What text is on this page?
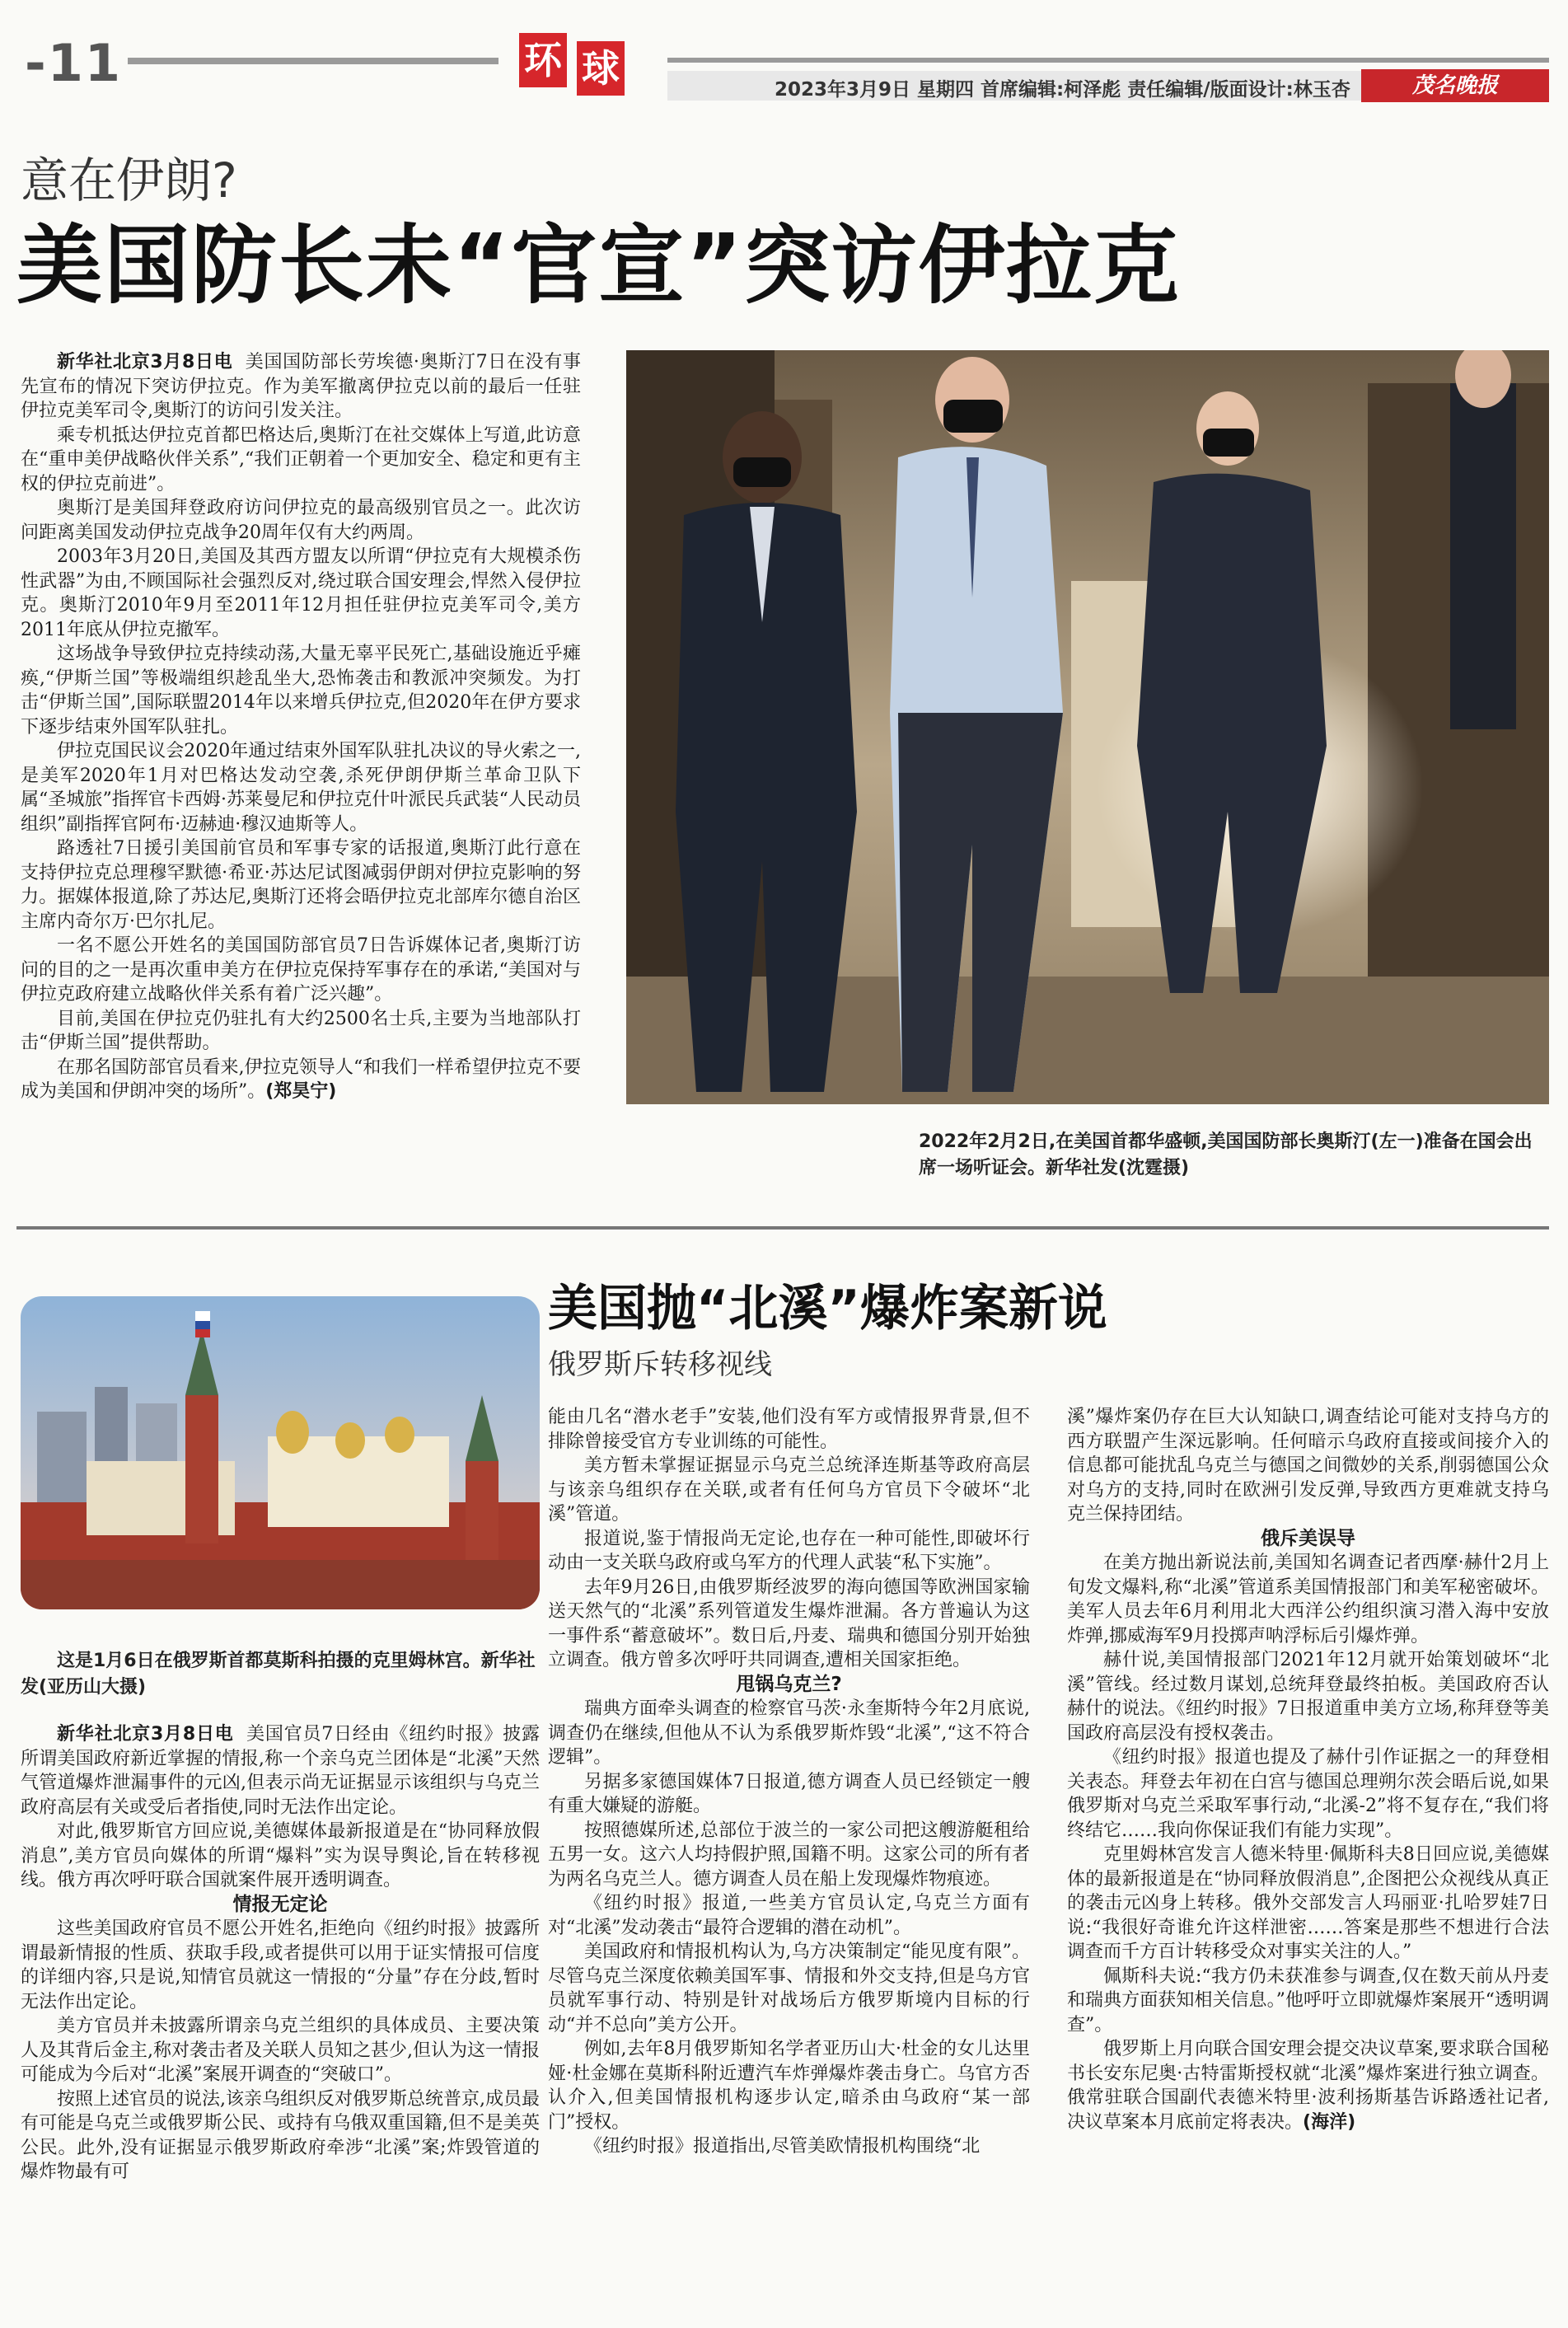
-11	环 球	2023年3月9日 星期四 首席编辑:柯泽彪 责任编辑/版面设计:林玉杏	茂名晚报
意在伊朗?
美国防长未“官宣”突访伊拉克

新华社北京3月8日电 美国国防部长劳埃德·奥斯汀7日在没有事先宣布的情况下突访伊拉克。作为美军撤离伊拉克以前的最后一任驻伊拉克美军司令,奥斯汀的访问引发关注。

乘专机抵达伊拉克首都巴格达后,奥斯汀在社交媒体上写道,此访意在“重申美伊战略伙伴关系”,“我们正朝着一个更加安全、稳定和更有主权的伊拉克前进”。

奥斯汀是美国拜登政府访问伊拉克的最高级别官员之一。此次访问距离美国发动伊拉克战争20周年仅有大约两周。

2003年3月20日,美国及其西方盟友以所谓“伊拉克有大规模杀伤性武器”为由,不顾国际社会强烈反对,绕过联合国安理会,悍然入侵伊拉克。奥斯汀2010年9月至2011年12月担任驻伊拉克美军司令,美方2011年底从伊拉克撤军。

这场战争导致伊拉克持续动荡,大量无辜平民死亡,基础设施近乎瘫痪,“伊斯兰国”等极端组织趁乱坐大,恐怖袭击和教派冲突频发。为打击“伊斯兰国”,国际联盟2014年以来增兵伊拉克,但2020年在伊方要求下逐步结束外国军队驻扎。

伊拉克国民议会2020年通过结束外国军队驻扎决议的导火索之一,是美军2020年1月对巴格达发动空袭,杀死伊朗伊斯兰革命卫队下属“圣城旅”指挥官卡西姆·苏莱曼尼和伊拉克什叶派民兵武装“人民动员组织”副指挥官阿布·迈赫迪·穆汉迪斯等人。

路透社7日援引美国前官员和军事专家的话报道,奥斯汀此行意在支持伊拉克总理穆罕默德·希亚·苏达尼试图减弱伊朗对伊拉克影响的努力。据媒体报道,除了苏达尼,奥斯汀还将会晤伊拉克北部库尔德自治区主席内奇尔万·巴尔扎尼。

一名不愿公开姓名的美国国防部官员7日告诉媒体记者,奥斯汀访问的目的之一是再次重申美方在伊拉克保持军事存在的承诺,“美国对与伊拉克政府建立战略伙伴关系有着广泛兴趣”。

目前,美国在伊拉克仍驻扎有大约2500名士兵,主要为当地部队打击“伊斯兰国”提供帮助。

在那名国防部官员看来,伊拉克领导人“和我们一样希望伊拉克不要成为美国和伊朗冲突的场所”。(郑昊宁)

2022年2月2日,在美国首都华盛顿,美国国防部长奥斯汀(左一)准备在国会出席一场听证会。新华社发(沈霆摄)
这是1月6日在俄罗斯首都莫斯科拍摄的克里姆林宫。新华社发(亚历山大摄)
美国抛“北溪”爆炸案新说
俄罗斯斥转移视线

新华社北京3月8日电 美国官员7日经由《纽约时报》披露所谓美国政府新近掌握的情报,称一个亲乌克兰团体是“北溪”天然气管道爆炸泄漏事件的元凶,但表示尚无证据显示该组织与乌克兰政府高层有关或受后者指使,同时无法作出定论。

对此,俄罗斯官方回应说,美德媒体最新报道是在“协同释放假消息”,美方官员向媒体的所谓“爆料”实为误导舆论,旨在转移视线。俄方再次呼吁联合国就案件展开透明调查。

情报无定论

这些美国政府官员不愿公开姓名,拒绝向《纽约时报》披露所谓最新情报的性质、获取手段,或者提供可以用于证实情报可信度的详细内容,只是说,知情官员就这一情报的“分量”存在分歧,暂时无法作出定论。

美方官员并未披露所谓亲乌克兰组织的具体成员、主要决策人及其背后金主,称对袭击者及关联人员知之甚少,但认为这一情报可能成为今后对“北溪”案展开调查的“突破口”。

按照上述官员的说法,该亲乌组织反对俄罗斯总统普京,成员最有可能是乌克兰或俄罗斯公民、或持有乌俄双重国籍,但不是美英公民。此外,没有证据显示俄罗斯政府牵涉“北溪”案;炸毁管道的爆炸物最有可

能由几名“潜水老手”安装,他们没有军方或情报界背景,但不排除曾接受官方专业训练的可能性。

美方暂未掌握证据显示乌克兰总统泽连斯基等政府高层与该亲乌组织存在关联,或者有任何乌方官员下令破坏“北溪”管道。

报道说,鉴于情报尚无定论,也存在一种可能性,即破坏行动由一支关联乌政府或乌军方的代理人武装“私下实施”。

去年9月26日,由俄罗斯经波罗的海向德国等欧洲国家输送天然气的“北溪”系列管道发生爆炸泄漏。各方普遍认为这一事件系“蓄意破坏”。数日后,丹麦、瑞典和德国分别开始独立调查。俄方曾多次呼吁共同调查,遭相关国家拒绝。

甩锅乌克兰?

瑞典方面牵头调查的检察官马茨·永奎斯特今年2月底说,调查仍在继续,但他从不认为系俄罗斯炸毁“北溪”,“这不符合逻辑”。

另据多家德国媒体7日报道,德方调查人员已经锁定一艘有重大嫌疑的游艇。

按照德媒所述,总部位于波兰的一家公司把这艘游艇租给五男一女。这六人均持假护照,国籍不明。这家公司的所有者为两名乌克兰人。德方调查人员在船上发现爆炸物痕迹。

《纽约时报》报道,一些美方官员认定,乌克兰方面有对“北溪”发动袭击“最符合逻辑的潜在动机”。

美国政府和情报机构认为,乌方决策制定“能见度有限”。尽管乌克兰深度依赖美国军事、情报和外交支持,但是乌方官员就军事行动、特别是针对战场后方俄罗斯境内目标的行动“并不总向”美方公开。

例如,去年8月俄罗斯知名学者亚历山大·杜金的女儿达里娅·杜金娜在莫斯科附近遭汽车炸弹爆炸袭击身亡。乌官方否认介入,但美国情报机构逐步认定,暗杀由乌政府“某一部门”授权。

《纽约时报》报道指出,尽管美欧情报机构围绕“北

溪”爆炸案仍存在巨大认知缺口,调查结论可能对支持乌方的西方联盟产生深远影响。任何暗示乌政府直接或间接介入的信息都可能扰乱乌克兰与德国之间微妙的关系,削弱德国公众对乌方的支持,同时在欧洲引发反弹,导致西方更难就支持乌克兰保持团结。

俄斥美误导

在美方抛出新说法前,美国知名调查记者西摩·赫什2月上旬发文爆料,称“北溪”管道系美国情报部门和美军秘密破坏。美军人员去年6月利用北大西洋公约组织演习潜入海中安放炸弹,挪威海军9月投掷声呐浮标后引爆炸弹。

赫什说,美国情报部门2021年12月就开始策划破坏“北溪”管线。经过数月谋划,总统拜登最终拍板。美国政府否认赫什的说法。《纽约时报》7日报道重申美方立场,称拜登等美国政府高层没有授权袭击。

《纽约时报》报道也提及了赫什引作证据之一的拜登相关表态。拜登去年初在白宫与德国总理朔尔茨会晤后说,如果俄罗斯对乌克兰采取军事行动,“北溪-2”将不复存在,“我们将终结它……我向你保证我们有能力实现”。

克里姆林宫发言人德米特里·佩斯科夫8日回应说,美德媒体的最新报道是在“协同释放假消息”,企图把公众视线从真正的袭击元凶身上转移。俄外交部发言人玛丽亚·扎哈罗娃7日说:“我很好奇谁允许这样泄密……答案是那些不想进行合法调查而千方百计转移受众对事实关注的人。”

佩斯科夫说:“我方仍未获准参与调查,仅在数天前从丹麦和瑞典方面获知相关信息。”他呼吁立即就爆炸案展开“透明调查”。

俄罗斯上月向联合国安理会提交决议草案,要求联合国秘书长安东尼奥·古特雷斯授权就“北溪”爆炸案进行独立调查。俄常驻联合国副代表德米特里·波利扬斯基告诉路透社记者,决议草案本月底前定将表决。(海洋)
